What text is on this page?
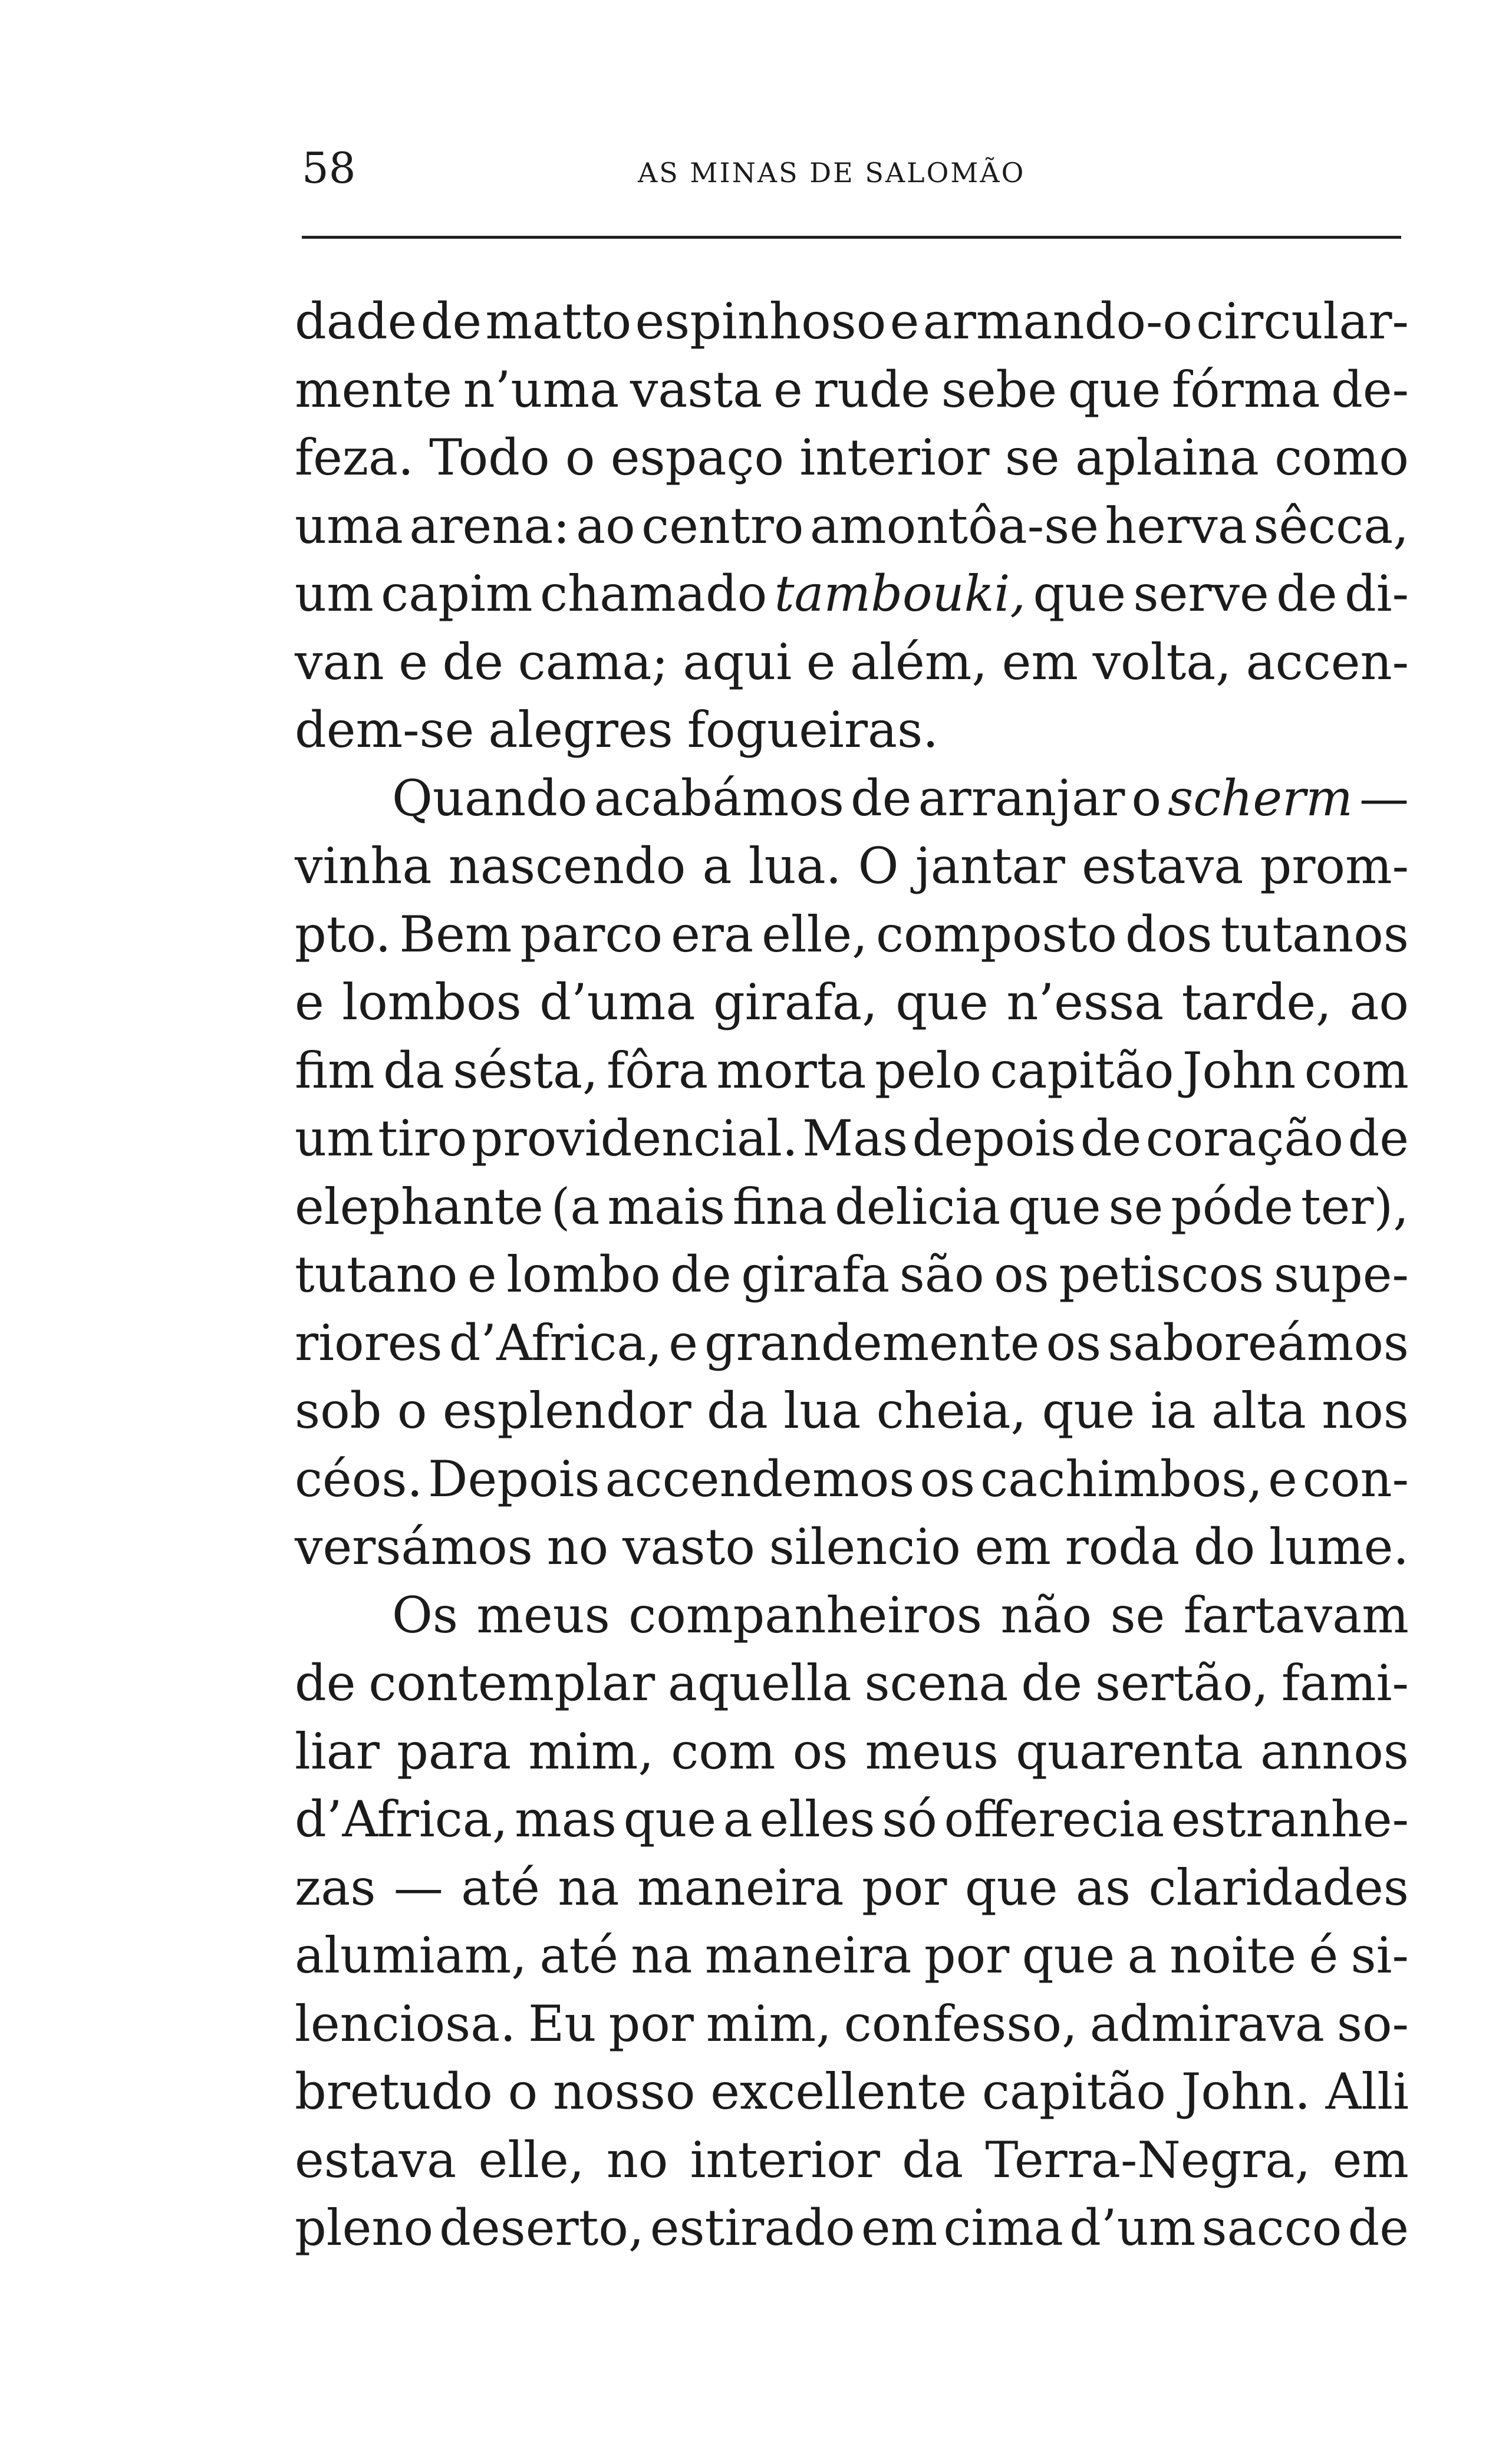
58	AS MINAS DE SALOMÃO
dade de matto espinhoso e armando-o circular-
mente n’uma vasta e rude sebe que fórma de-
feza. Todo o espaço interior se aplaina como
uma arena: ao centro amontôa-se herva sêcca,
um capim chamado tambouki, que serve de di-
van e de cama; aqui e além, em volta, accen-
dem-se alegres fogueiras.
Quando acabámos de arranjar o scherm —
vinha nascendo a lua. O jantar estava prom-
pto. Bem parco era elle, composto dos tutanos
e lombos d’uma girafa, que n’essa tarde, ao
fim da sésta, fôra morta pelo capitão John com
um tiro providencial. Mas depois de coração de
elephante (a mais fina delicia que se póde ter),
tutano e lombo de girafa são os petiscos supe-
riores d’Africa, e grandemente os saboreámos
sob o esplendor da lua cheia, que ia alta nos
céos. Depois accendemos os cachimbos, e con-
versámos no vasto silencio em roda do lume.
Os meus companheiros não se fartavam
de contemplar aquella scena de sertão, fami-
liar para mim, com os meus quarenta annos
d’Africa, mas que a elles só offerecia estranhe-
zas — até na maneira por que as claridades
alumiam, até na maneira por que a noite é si-
lenciosa. Eu por mim, confesso, admirava so-
bretudo o nosso excellente capitão John. Alli
estava elle, no interior da Terra-Negra, em
pleno deserto, estirado em cima d’um sacco de
